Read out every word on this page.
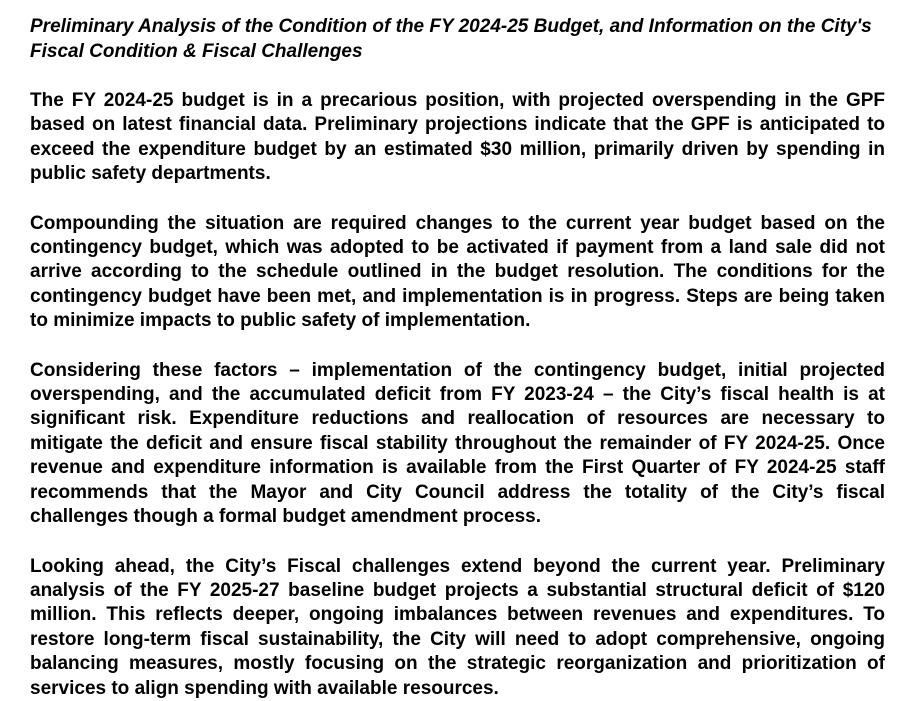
Preliminary Analysis of the Condition of the FY 2024-25 Budget, and Information on the City's Fiscal Condition & Fiscal Challenges

The FY 2024-25 budget is in a precarious position, with projected overspending in the GPF based on latest financial data. Preliminary projections indicate that the GPF is anticipated to exceed the expenditure budget by an estimated $30 million, primarily driven by spending in public safety departments.

Compounding the situation are required changes to the current year budget based on the contingency budget, which was adopted to be activated if payment from a land sale did not arrive according to the schedule outlined in the budget resolution. The conditions for the contingency budget have been met, and implementation is in progress. Steps are being taken to minimize impacts to public safety of implementation.

Considering these factors – implementation of the contingency budget, initial projected overspending, and the accumulated deficit from FY 2023-24 – the City’s fiscal health is at significant risk. Expenditure reductions and reallocation of resources are necessary to mitigate the deficit and ensure fiscal stability throughout the remainder of FY 2024-25. Once revenue and expenditure information is available from the First Quarter of FY 2024-25 staff recommends that the Mayor and City Council address the totality of the City’s fiscal challenges though a formal budget amendment process.

Looking ahead, the City’s Fiscal challenges extend beyond the current year. Preliminary analysis of the FY 2025-27 baseline budget projects a substantial structural deficit of $120 million. This reflects deeper, ongoing imbalances between revenues and expenditures. To restore long-term fiscal sustainability, the City will need to adopt comprehensive, ongoing balancing measures, mostly focusing on the strategic reorganization and prioritization of services to align spending with available resources.
